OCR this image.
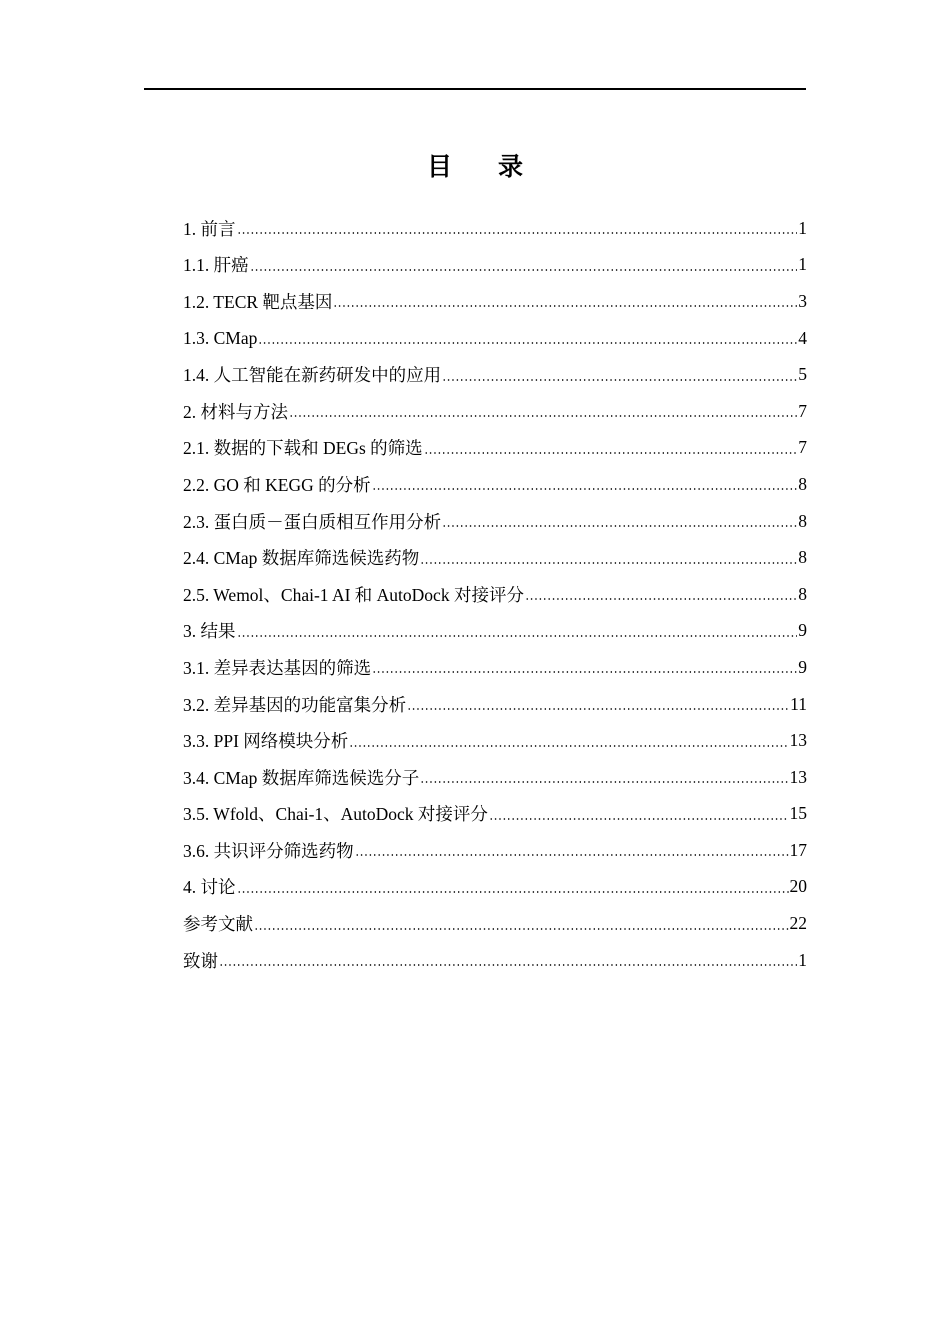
目 录
1. 前言	1
1.1. 肝癌	1
1.2. TECR 靶点基因	3
1.3. CMap	4
1.4. 人工智能在新药研发中的应用	5
2. 材料与方法	7
2.1. 数据的下载和 DEGs 的筛选	7
2.2. GO 和 KEGG 的分析	8
2.3. 蛋白质－蛋白质相互作用分析	8
2.4. CMap 数据库筛选候选药物	8
2.5. Wemol、Chai-1 AI 和 AutoDock 对接评分	8
3. 结果	9
3.1. 差异表达基因的筛选	9
3.2. 差异基因的功能富集分析	11
3.3. PPI 网络模块分析	13
3.4. CMap 数据库筛选候选分子	13
3.5. Wfold、Chai-1、AutoDock 对接评分	15
3.6. 共识评分筛选药物	17
4. 讨论	20
参考文献	22
致谢	1
